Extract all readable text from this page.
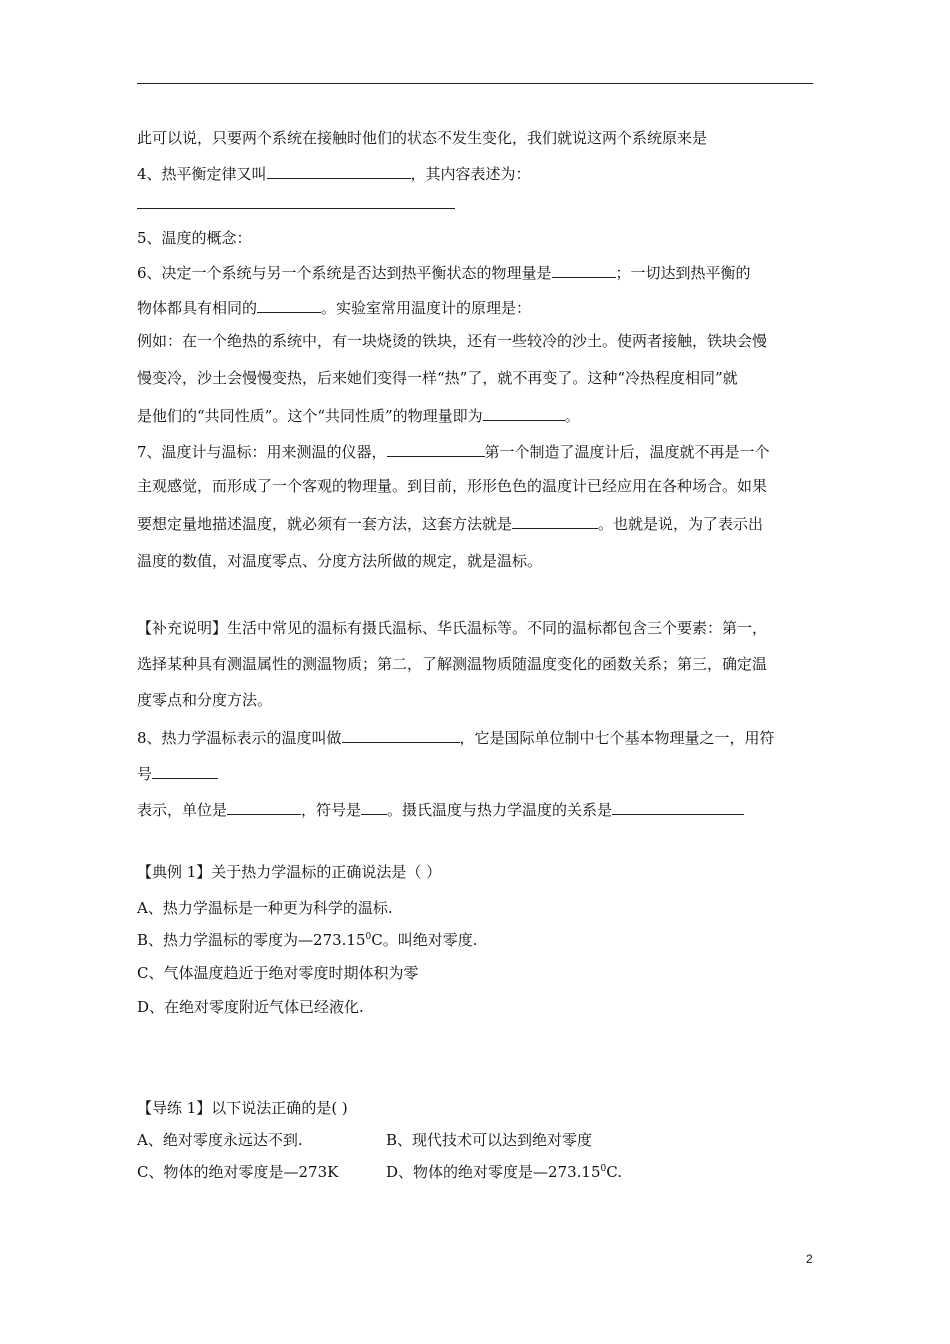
此可以说，只要两个系统在接触时他们的状态不发生变化，我们就说这两个系统原来是
4、热平衡定律又叫	，其内容表述为：
5、温度的概念：
6、决定一个系统与另一个系统是否达到热平衡状态的物理量是	；一切达到热平衡的
物体都具有相同的	。实验室常用温度计的原理是：
例如：在一个绝热的系统中，有一块烧烫的铁块，还有一些较冷的沙土。使两者接触，铁块会慢
慢变冷，沙土会慢慢变热，后来她们变得一样“热”了，就不再变了。这种“冷热程度相同”就
是他们的“共同性质”。这个“共同性质”的物理量即为	。
7、温度计与温标：用来测温的仪器，	第一个制造了温度计后，温度就不再是一个
主观感觉，而形成了一个客观的物理量。到目前，形形色色的温度计已经应用在各种场合。如果
要想定量地描述温度，就必须有一套方法，这套方法就是	。也就是说，为了表示出
温度的数值，对温度零点、分度方法所做的规定，就是温标。
【补充说明】生活中常见的温标有摄氏温标、华氏温标等。不同的温标都包含三个要素：第一，
选择某种具有测温属性的测温物质；第二，了解测温物质随温度变化的函数关系；第三，确定温
度零点和分度方法。
8、热力学温标表示的温度叫做	，它是国际单位制中七个基本物理量之一，用符
号
表示，单位是	，符号是 。摄氏温度与热力学温度的关系是
【典例 1】关于热力学温标的正确说法是（ ）
A、热力学温标是一种更为科学的温标.
B、热力学温标的零度为—273.15$^0$C。叫绝对零度.
C、气体温度趋近于绝对零度时期体积为零
D、在绝对零度附近气体已经液化.
【导练 1】以下说法正确的是( )
A、绝对零度永远达不到.	B、现代技术可以达到绝对零度
C、物体的绝对零度是—273K	D、物体的绝对零度是—273.15$^0$C.
2
